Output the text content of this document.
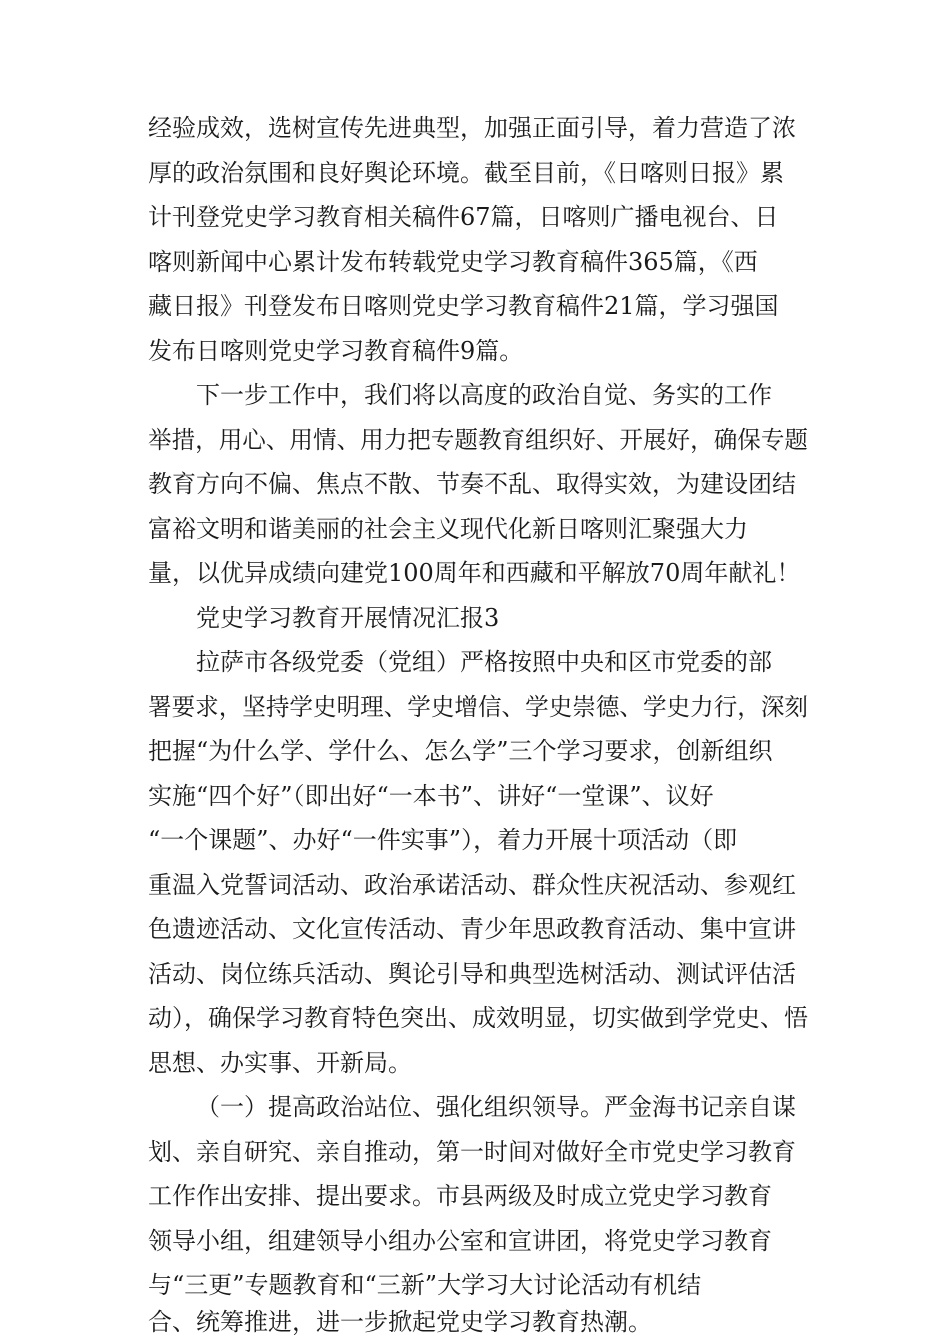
经验成效，选树宣传先进典型，加强正面引导，着力营造了浓
厚的政治氛围和良好舆论环境。截至目前，《日喀则日报》累
计刊登党史学习教育相关稿件67篇，日喀则广播电视台、日
喀则新闻中心累计发布转载党史学习教育稿件365篇，《西
藏日报》刊登发布日喀则党史学习教育稿件21篇，学习强国
发布日喀则党史学习教育稿件9篇。
下一步工作中，我们将以高度的政治自觉、务实的工作
举措，用心、用情、用力把专题教育组织好、开展好，确保专题
教育方向不偏、焦点不散、节奏不乱、取得实效，为建设团结
富裕文明和谐美丽的社会主义现代化新日喀则汇聚强大力
量，以优异成绩向建党100周年和西藏和平解放70周年献礼！
党史学习教育开展情况汇报3
拉萨市各级党委（党组）严格按照中央和区市党委的部
署要求，坚持学史明理、学史增信、学史崇德、学史力行，深刻
把握“为什么学、学什么、怎么学”三个学习要求，创新组织
实施“四个好”（即出好“一本书”、讲好“一堂课”、议好
“一个课题”、办好“一件实事”），着力开展十项活动（即
重温入党誓词活动、政治承诺活动、群众性庆祝活动、参观红
色遗迹活动、文化宣传活动、青少年思政教育活动、集中宣讲
活动、岗位练兵活动、舆论引导和典型选树活动、测试评估活
动），确保学习教育特色突出、成效明显，切实做到学党史、悟
思想、办实事、开新局。
（一）提高政治站位、强化组织领导。严金海书记亲自谋
划、亲自研究、亲自推动，第一时间对做好全市党史学习教育
工作作出安排、提出要求。市县两级及时成立党史学习教育
领导小组，组建领导小组办公室和宣讲团，将党史学习教育
与“三更”专题教育和“三新”大学习大讨论活动有机结
合、统筹推进，进一步掀起党史学习教育热潮。
